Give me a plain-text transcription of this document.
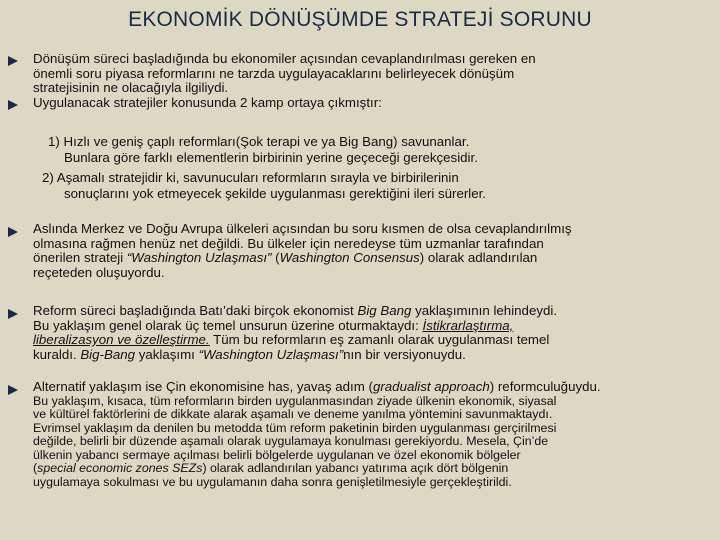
EKONOMİK DÖNÜŞÜMDE STRATEJİ SORUNU
Dönüşüm süreci başladığında bu ekonomiler açısından cevaplandırılması gereken en
önemli soru piyasa reformlarını ne tarzda uygulayacaklarını belirleyecek dönüşüm
stratejisinin ne olacağıyla ilgiliydi.
Uygulanacak stratejiler konusunda 2 kamp ortaya çıkmıştır:
1) Hızlı ve geniş çaplı reformları(Şok terapi ve ya Big Bang) savunanlar.
Bunlara göre farklı elementlerin birbirinin yerine geçeceği gerekçesidir.
2) Aşamalı stratejidir ki, savunucuları reformların sırayla ve birbirilerinin
sonuçlarını yok etmeyecek şekilde uygulanması gerektiğini ileri sürerler.
Aslında Merkez ve Doğu Avrupa ülkeleri açısından bu soru kısmen de olsa cevaplandırılmış
olmasına rağmen henüz net değildi. Bu ülkeler için neredeyse tüm uzmanlar tarafından
önerilen strateji “Washington Uzlaşması” (Washington Consensus) olarak adlandırılan
reçeteden oluşuyordu.
Reform süreci başladığında Batı’daki birçok ekonomist Big Bang yaklaşımının lehindeydi.
Bu yaklaşım genel olarak üç temel unsurun üzerine oturmaktaydı: İstikrarlaştırma,
liberalizasyon ve özelleştirme. Tüm bu reformların eş zamanlı olarak uygulanması temel
kuraldı. Big-Bang yaklaşımı “Washington Uzlaşması”nın bir versiyonuydu.
Alternatif yaklaşım ise Çin ekonomisine has, yavaş adım (gradualist approach) reformculuğuydu.
Bu yaklaşım, kısaca, tüm reformların birden uygulanmasından ziyade ülkenin ekonomik, siyasal
ve kültürel faktörlerini de dikkate alarak aşamalı ve deneme yanılma yöntemini savunmaktaydı.
Evrimsel yaklaşım da denilen bu metodda tüm reform paketinin birden uygulanması gerçirilmesi
değilde, belirli bir düzende aşamalı olarak uygulamaya konulması gerekiyordu. Mesela, Çin’de
ülkenin yabancı sermaye açılması belirli bölgelerde uygulanan ve özel ekonomik bölgeler
(special economic zones SEZs) olarak adlandırılan yabancı yatırıma açık dört bölgenin
uygulamaya sokulması ve bu uygulamanın daha sonra genişletilmesiyle gerçekleştirildi.
